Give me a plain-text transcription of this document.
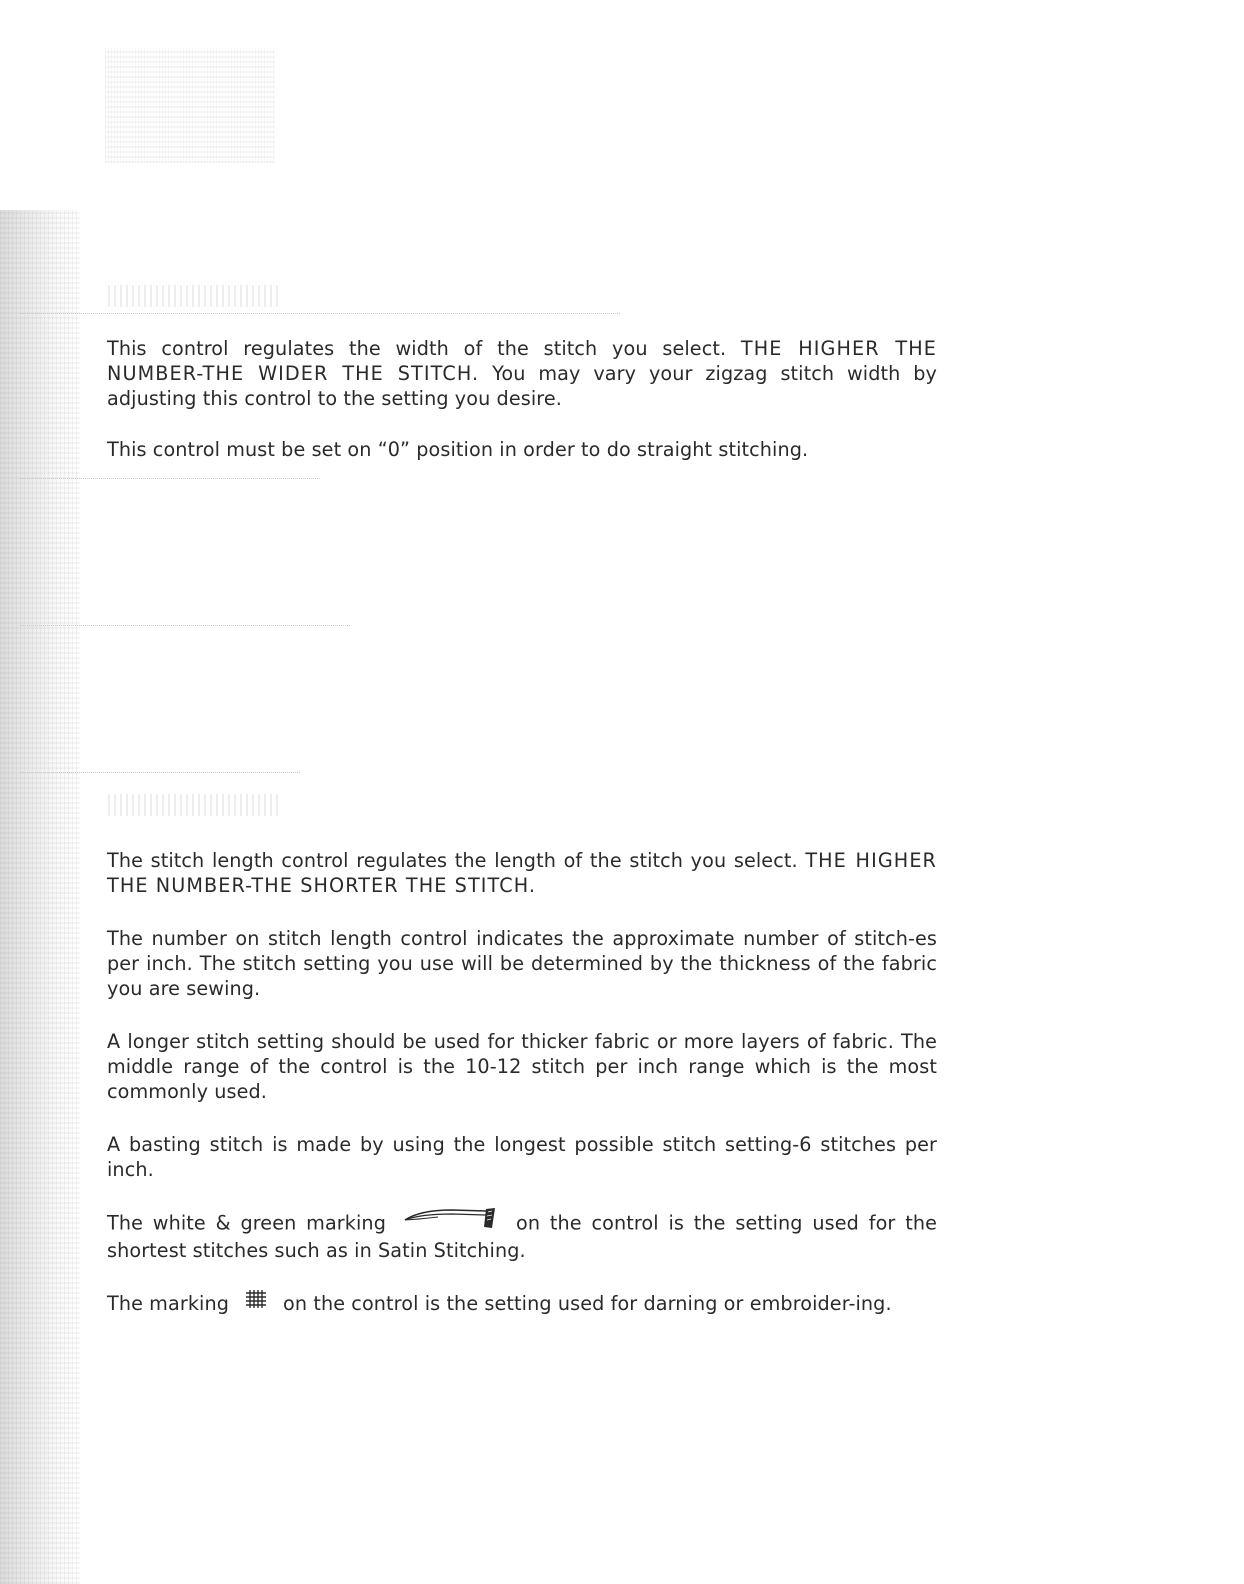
This control regulates the width of the stitch you select. THE HIGHER THE NUMBER-THE WIDER THE STITCH. You may vary your zigzag stitch width by adjusting this control to the setting you desire.

This control must be set on “0” position in order to do straight stitching.

The stitch length control regulates the length of the stitch you select. THE HIGHER THE NUMBER-THE SHORTER THE STITCH.

The number on stitch length control indicates the approximate number of stitch-es per inch. The stitch setting you use will be determined by the thickness of the fabric you are sewing.

A longer stitch setting should be used for thicker fabric or more layers of fabric. The middle range of the control is the 10-12 stitch per inch range which is the most commonly used.

A basting stitch is made by using the longest possible stitch setting-6 stitches per inch.

The white & green marking	on the control is the setting used for the shortest stitches such as in Satin Stitching.

The marking	on the control is the setting used for darning or embroider-ing.
